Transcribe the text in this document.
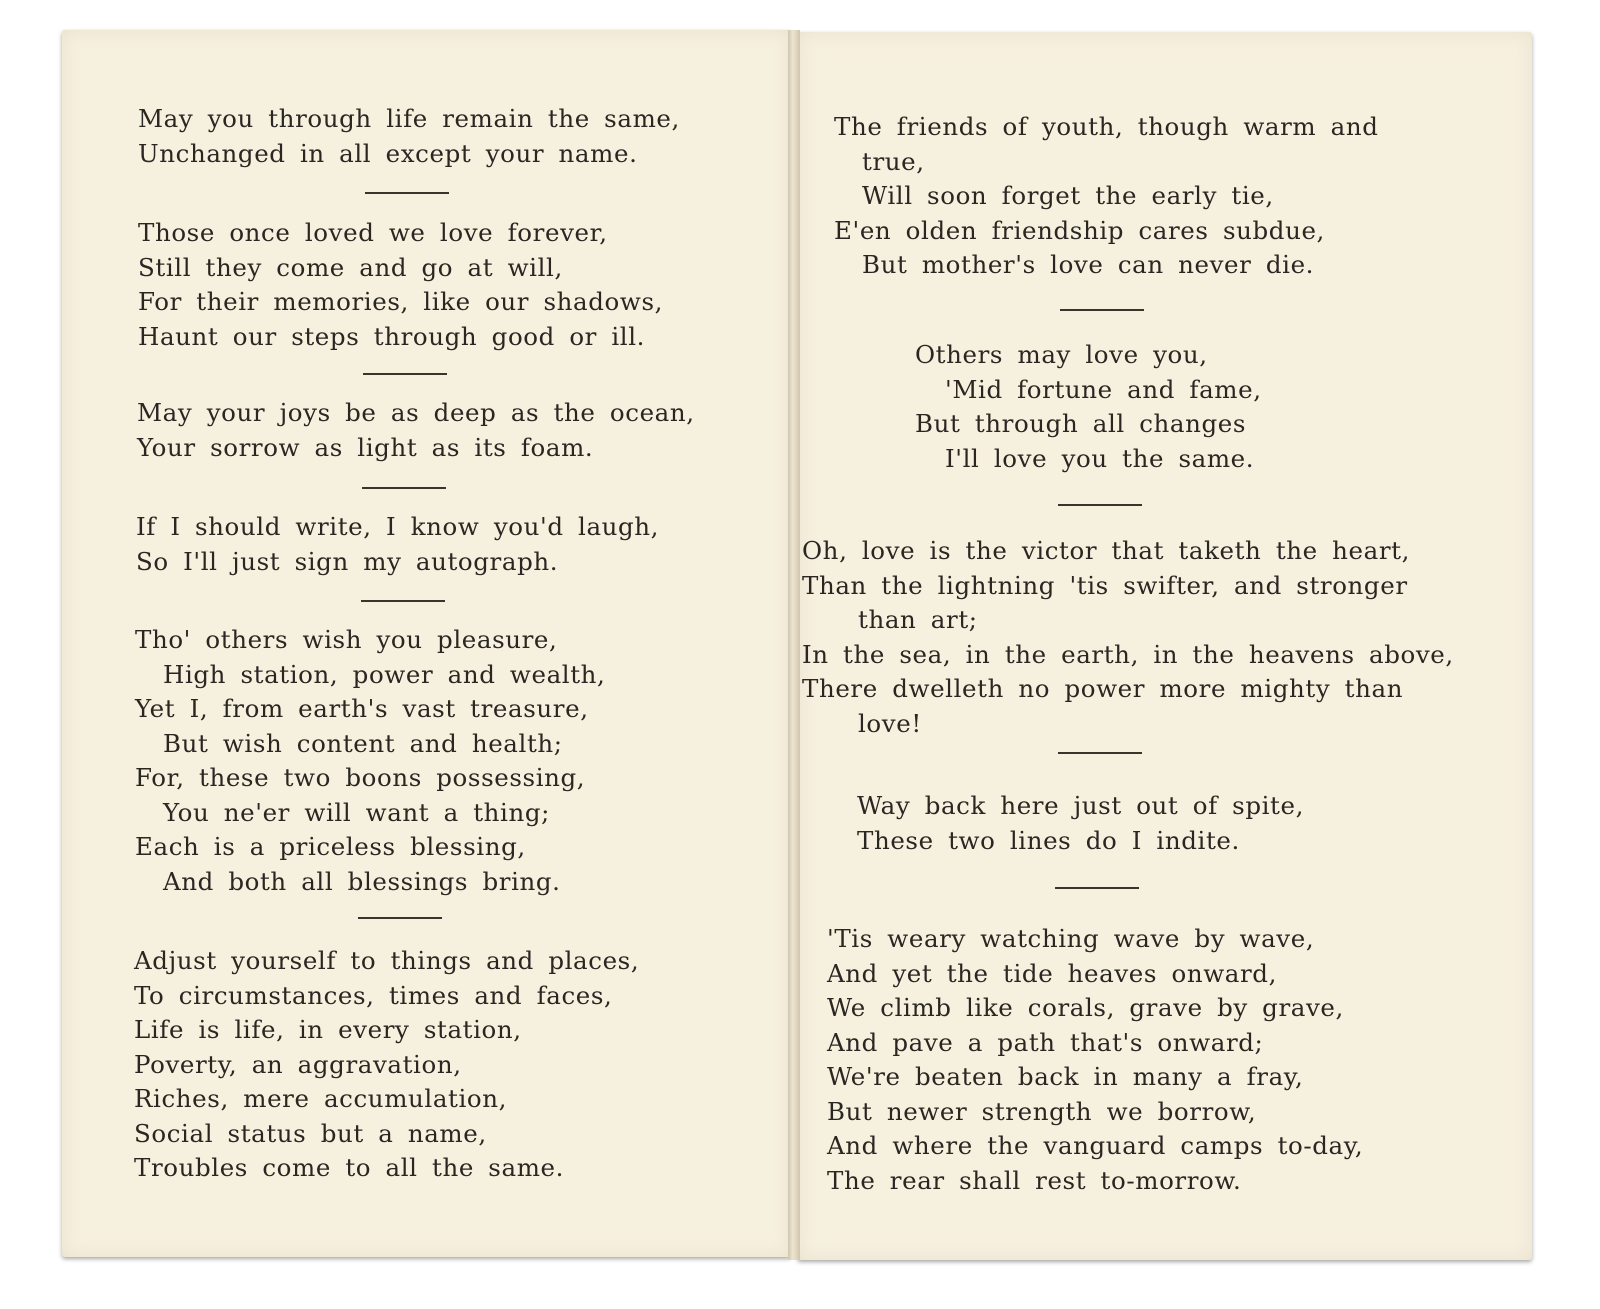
May you through life remain the same,
Unchanged in all except your name.
Those once loved we love forever,
Still they come and go at will,
For their memories, like our shadows,
Haunt our steps through good or ill.
May your joys be as deep as the ocean,
Your sorrow as light as its foam.
If I should write, I know you'd laugh,
So I'll just sign my autograph.
Tho' others wish you pleasure,
High station, power and wealth,
Yet I, from earth's vast treasure,
But wish content and health;
For, these two boons possessing,
You ne'er will want a thing;
Each is a priceless blessing,
And both all blessings bring.
Adjust yourself to things and places,
To circumstances, times and faces,
Life is life, in every station,
Poverty, an aggravation,
Riches, mere accumulation,
Social status but a name,
Troubles come to all the same.
The friends of youth, though warm and
true,
Will soon forget the early tie,
E'en olden friendship cares subdue,
But mother's love can never die.
Others may love you,
'Mid fortune and fame,
But through all changes
I'll love you the same.
Oh, love is the victor that taketh the heart,
Than the lightning 'tis swifter, and stronger
than art;
In the sea, in the earth, in the heavens above,
There dwelleth no power more mighty than
love!
Way back here just out of spite,
These two lines do I indite.
'Tis weary watching wave by wave,
And yet the tide heaves onward,
We climb like corals, grave by grave,
And pave a path that's onward;
We're beaten back in many a fray,
But newer strength we borrow,
And where the vanguard camps to-day,
The rear shall rest to-morrow.
